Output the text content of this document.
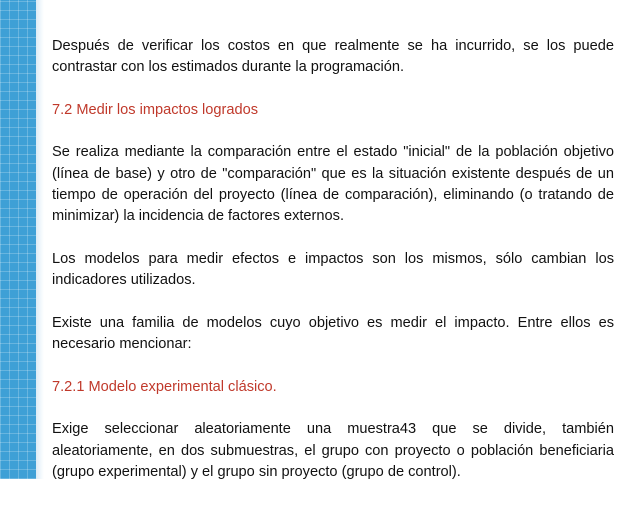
Después de verificar los costos en que realmente se ha incurrido, se los puede contrastar con los estimados durante la programación.

7.2 Medir los impactos logrados

Se realiza mediante la comparación entre el estado "inicial" de la población objetivo (línea de base) y otro de "comparación" que es la situación existente después de un tiempo de operación del proyecto (línea de comparación), eliminando (o tratando de minimizar) la incidencia de factores externos.

Los modelos para medir efectos e impactos son los mismos, sólo cambian los indicadores utilizados.

Existe una familia de modelos cuyo objetivo es medir el impacto. Entre ellos es necesario mencionar:

7.2.1 Modelo experimental clásico.

Exige seleccionar aleatoriamente una muestra43 que se divide, también aleatoriamente, en dos submuestras, el grupo con proyecto o población beneficiaria (grupo experimental) y el grupo sin proyecto (grupo de control).
